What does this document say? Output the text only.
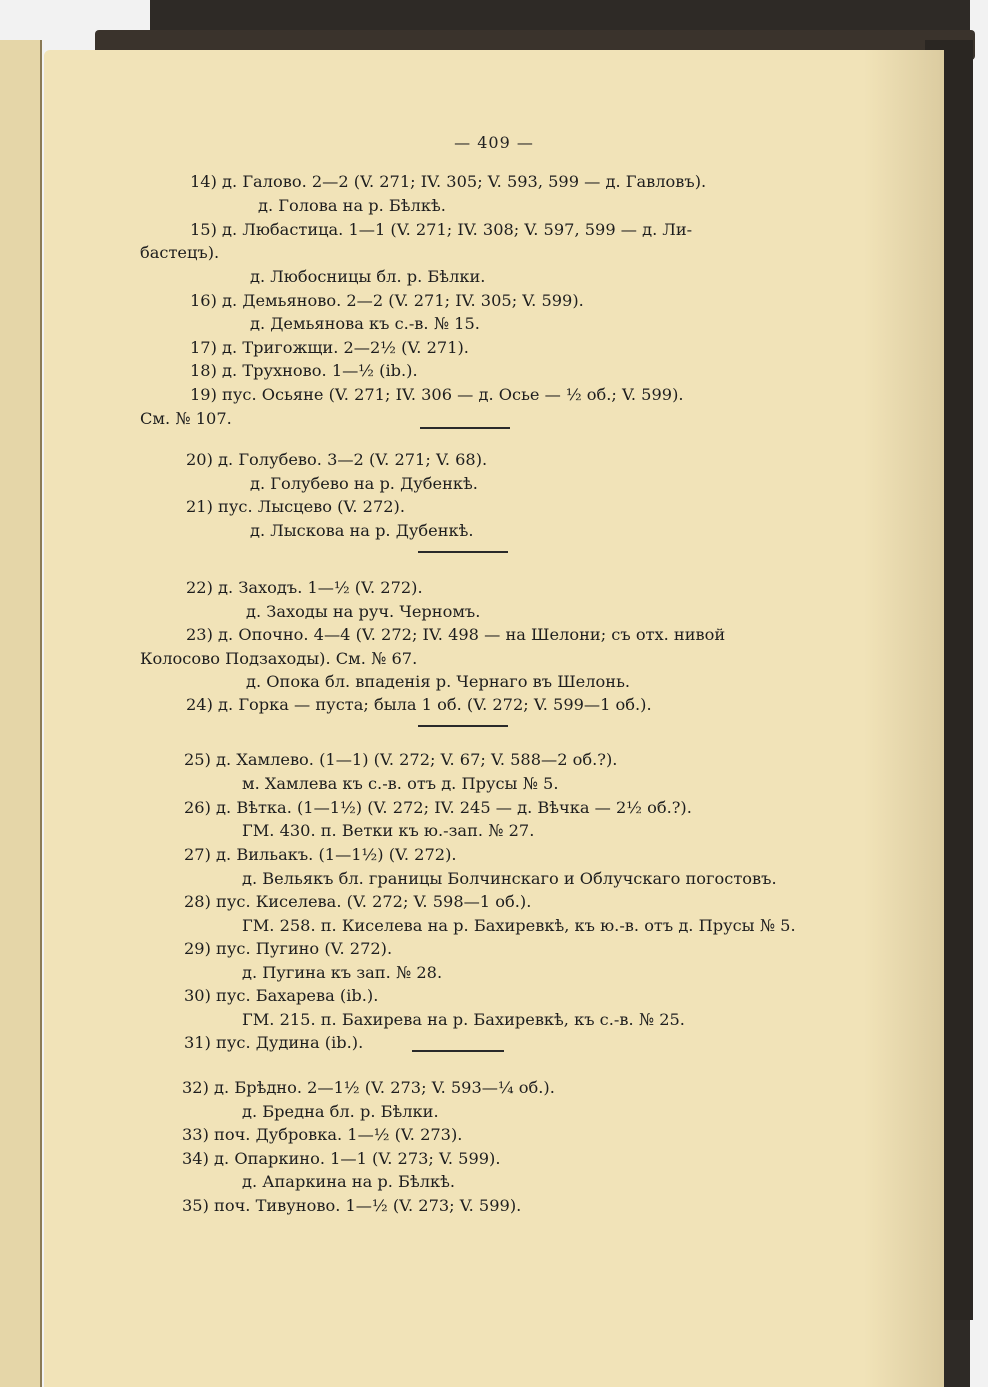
— 409 —
14) д. Галово. 2—2 (V. 271; IV. 305; V. 593, 599 — д. Гавловъ).
д. Голова на р. Бѣлкѣ.
15) д. Любастица. 1—1 (V. 271; IV. 308; V. 597, 599 — д. Ли-
бастецъ).
д. Любосницы бл. р. Бѣлки.
16) д. Демьяново. 2—2 (V. 271; IV. 305; V. 599).
д. Демьянова къ с.-в. № 15.
17) д. Тригожщи. 2—2½ (V. 271).
18) д. Трухново. 1—½ (ib.).
19) пус. Осьяне (V. 271; IV. 306 — д. Осье — ½ об.; V. 599).
См. № 107.
20) д. Голубево. 3—2 (V. 271; V. 68).
д. Голубево на р. Дубенкѣ.
21) пус. Лысцево (V. 272).
д. Лыскова на р. Дубенкѣ.
22) д. Заходъ. 1—½ (V. 272).
д. Заходы на руч. Черномъ.
23) д. Опочно. 4—4 (V. 272; IV. 498 — на Шелони; съ отх. нивой
Колосово Подзаходы). См. № 67.
д. Опока бл. впаденія р. Чернаго въ Шелонь.
24) д. Горка — пуста; была 1 об. (V. 272; V. 599—1 об.).
25) д. Хамлево. (1—1) (V. 272; V. 67; V. 588—2 об.?).
м. Хамлева къ с.-в. отъ д. Прусы № 5.
26) д. Вѣтка. (1—1½) (V. 272; IV. 245 — д. Вѣчка — 2½ об.?).
ГМ. 430. п. Ветки къ ю.-зап. № 27.
27) д. Вильакъ. (1—1½) (V. 272).
д. Вельякъ бл. границы Болчинскаго и Облучскаго погостовъ.
28) пус. Киселева. (V. 272; V. 598—1 об.).
ГМ. 258. п. Киселева на р. Бахиревкѣ, къ ю.-в. отъ д. Прусы № 5.
29) пус. Пугино (V. 272).
д. Пугина къ зап. № 28.
30) пус. Бахарева (ib.).
ГМ. 215. п. Бахирева на р. Бахиревкѣ, къ с.-в. № 25.
31) пус. Дудина (ib.).
32) д. Брѣдно. 2—1½ (V. 273; V. 593—¼ об.).
д. Бредна бл. р. Бѣлки.
33) поч. Дубровка. 1—½ (V. 273).
34) д. Опаркино. 1—1 (V. 273; V. 599).
д. Апаркина на р. Бѣлкѣ.
35) поч. Тивуново. 1—½ (V. 273; V. 599).
